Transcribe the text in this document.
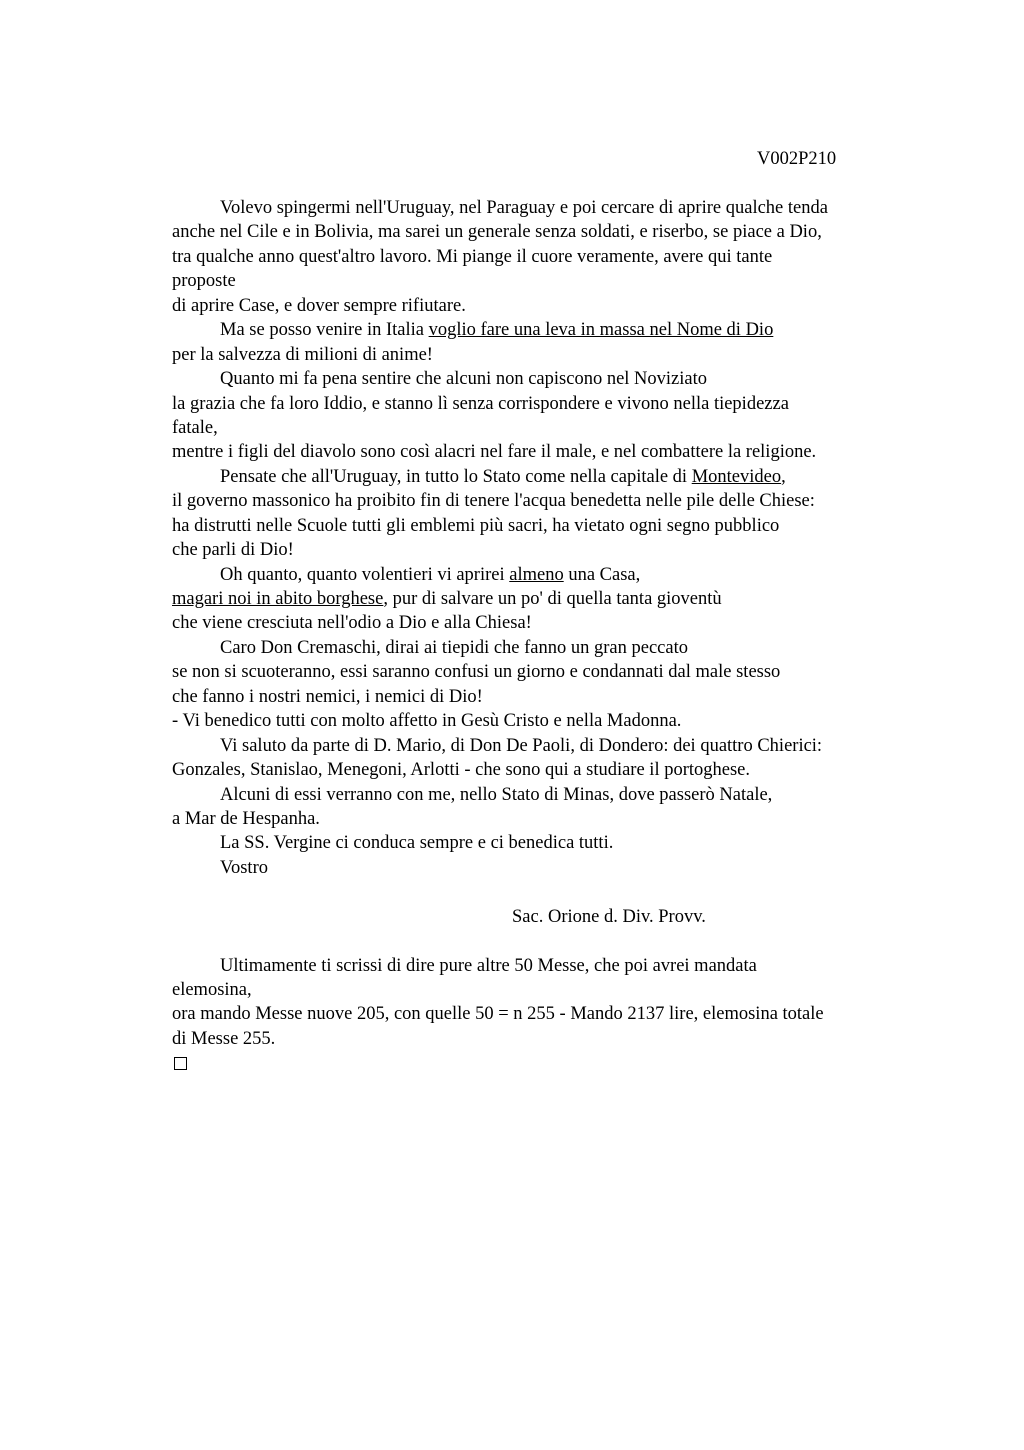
V002P210
Volevo spingermi nell'Uruguay, nel Paraguay e poi cercare di aprire qualche tenda
anche nel Cile e in Bolivia, ma sarei un generale senza soldati, e riserbo, se piace a Dio,
tra qualche anno quest'altro lavoro. Mi piange il cuore veramente, avere qui tante
proposte
di aprire Case, e dover sempre rifiutare.
Ma se posso venire in Italia voglio fare una leva in massa nel Nome di Dio
per la salvezza di milioni di anime!
Quanto mi fa pena sentire che alcuni non capiscono nel Noviziato
la grazia che fa loro Iddio, e stanno lì senza corrispondere e vivono nella tiepidezza
fatale,
mentre i figli del diavolo sono così alacri nel fare il male, e nel combattere la religione.
Pensate che all'Uruguay, in tutto lo Stato come nella capitale di Montevideo,
il governo massonico ha proibito fin di tenere l'acqua benedetta nelle pile delle Chiese:
ha distrutti nelle Scuole tutti gli emblemi più sacri, ha vietato ogni segno pubblico
che parli di Dio!
Oh quanto, quanto volentieri vi aprirei almeno una Casa,
magari noi in abito borghese, pur di salvare un po' di quella tanta gioventù
che viene cresciuta nell'odio a Dio e alla Chiesa!
Caro Don Cremaschi, dirai ai tiepidi che fanno un gran peccato
se non si scuoteranno, essi saranno confusi un giorno e condannati dal male stesso
che fanno i nostri nemici, i nemici di Dio!
- Vi benedico tutti con molto affetto in Gesù Cristo e nella Madonna.
Vi saluto da parte di D. Mario, di Don De Paoli, di Dondero: dei quattro Chierici:
Gonzales, Stanislao, Menegoni, Arlotti - che sono qui a studiare il portoghese.
Alcuni di essi verranno con me, nello Stato di Minas, dove passerò Natale,
a Mar de Hespanha.
La SS. Vergine ci conduca sempre e ci benedica tutti.
Vostro
Sac. Orione d. Div. Provv.
Ultimamente ti scrissi di dire pure altre 50 Messe, che poi avrei mandata
elemosina,
ora mando Messe nuove 205, con quelle 50 = n 255 - Mando 2137 lire, elemosina totale
di Messe 255.
